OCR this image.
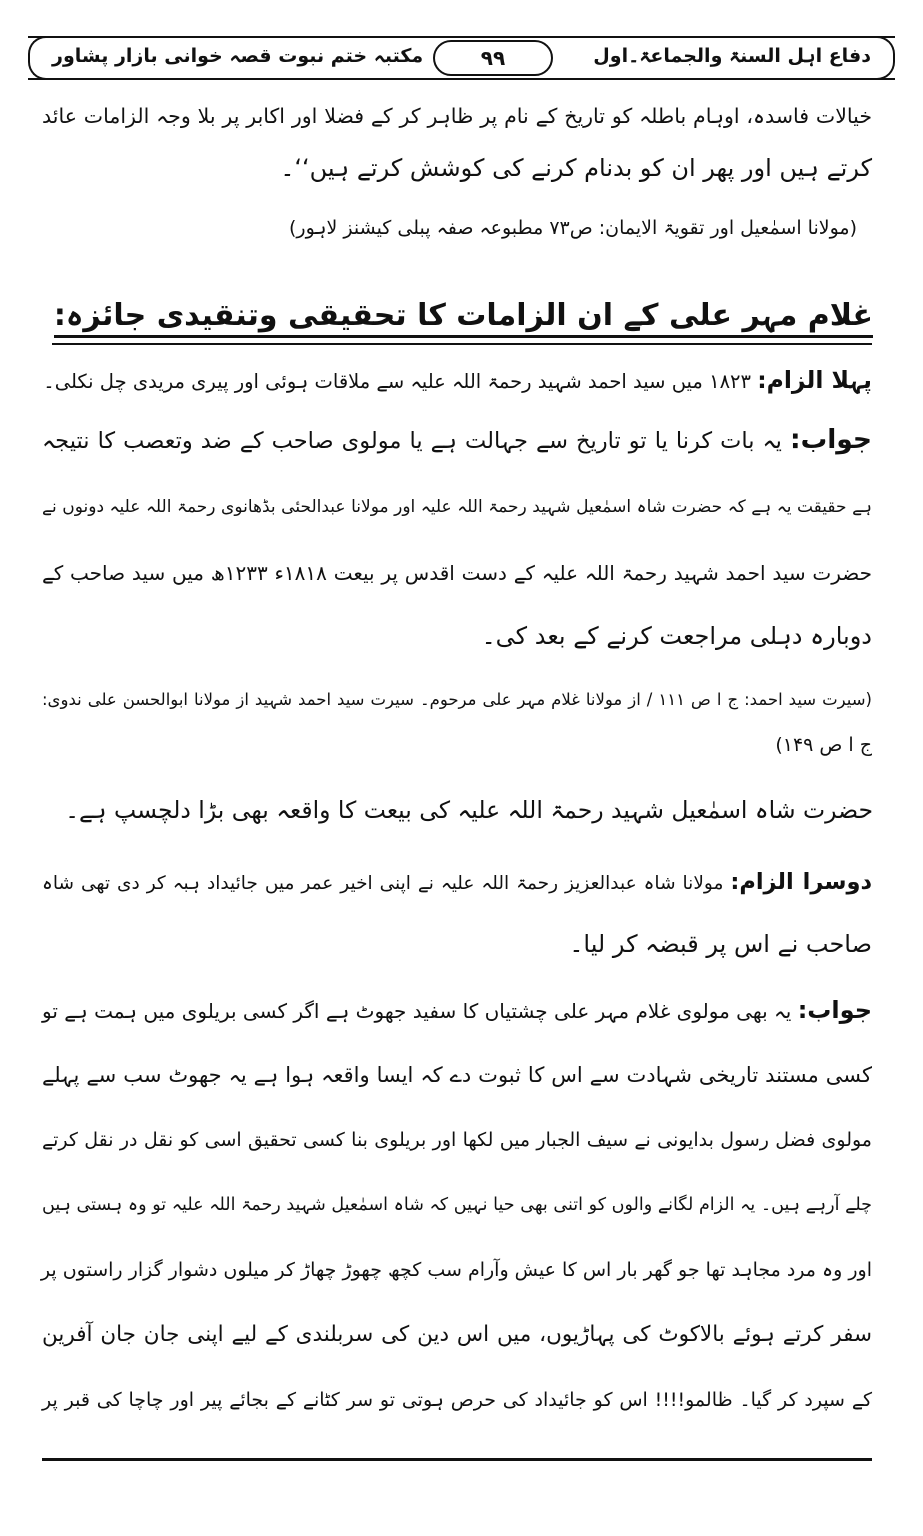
دفاع اہل السنۃ والجماعۃ۔اول
۹۹
مکتبہ ختم نبوت قصہ خوانی بازار پشاور
خیالات فاسدہ، اوہام باطلہ کو تاریخ کے نام پر ظاہر کر کے فضلا اور اکابر پر بلا وجہ الزامات عائد
کرتے ہیں اور پھر ان کو بدنام کرنے کی کوشش کرتے ہیں‘‘۔
(مولانا اسمٰعیل اور تقویۃ الایمان: ص۷۳ مطبوعہ صفہ پبلی کیشنز لاہور)
غلام مہر علی کے ان الزامات کا تحقیقی وتنقیدی جائزہ:
پہلا الزام: ۱۸۲۳ میں سید احمد شہید رحمۃ اللہ علیہ سے ملاقات ہوئی اور پیری مریدی چل نکلی۔
جواب: یہ بات کرنا یا تو تاریخ سے جہالت ہے یا مولوی صاحب کے ضد وتعصب کا نتیجہ
ہے حقیقت یہ ہے کہ حضرت شاہ اسمٰعیل شہید رحمۃ اللہ علیہ اور مولانا عبدالحئی بڈھانوی رحمۃ اللہ علیہ دونوں نے
حضرت سید احمد شہید رحمۃ اللہ علیہ کے دست اقدس پر بیعت ۱۸۱۸ء ۱۲۳۳ھ میں سید صاحب کے
دوبارہ دہلی مراجعت کرنے کے بعد کی۔
(سیرت سید احمد: ج ا ص ۱۱۱ / از مولانا غلام مہر علی مرحوم۔ سیرت سید احمد شہید از مولانا ابوالحسن علی ندوی:
ج ا ص ۱۴۹)
حضرت شاہ اسمٰعیل شہید رحمۃ اللہ علیہ کی بیعت کا واقعہ بھی بڑا دلچسپ ہے۔
دوسرا الزام: مولانا شاہ عبدالعزیز رحمۃ اللہ علیہ نے اپنی اخیر عمر میں جائیداد ہبہ کر دی تھی شاہ
صاحب نے اس پر قبضہ کر لیا۔
جواب: یہ بھی مولوی غلام مہر علی چشتیاں کا سفید جھوٹ ہے اگر کسی بریلوی میں ہمت ہے تو
کسی مستند تاریخی شہادت سے اس کا ثبوت دے کہ ایسا واقعہ ہوا ہے یہ جھوٹ سب سے پہلے
مولوی فضل رسول بدایونی نے سیف الجبار میں لکھا اور بریلوی بنا کسی تحقیق اسی کو نقل در نقل کرتے
چلے آرہے ہیں۔ یہ الزام لگانے والوں کو اتنی بھی حیا نہیں کہ شاہ اسمٰعیل شہید رحمۃ اللہ علیہ تو وہ ہستی ہیں
اور وہ مرد مجاہد تھا جو گھر بار اس کا عیش وآرام سب کچھ چھوڑ چھاڑ کر میلوں دشوار گزار راستوں پر
سفر کرتے ہوئے بالاکوٹ کی پہاڑیوں، میں اس دین کی سربلندی کے لیے اپنی جان جان آفرین
کے سپرد کر گیا۔ ظالمو!!!! اس کو جائیداد کی حرص ہوتی تو سر کٹانے کے بجائے پیر اور چاچا کی قبر پر
